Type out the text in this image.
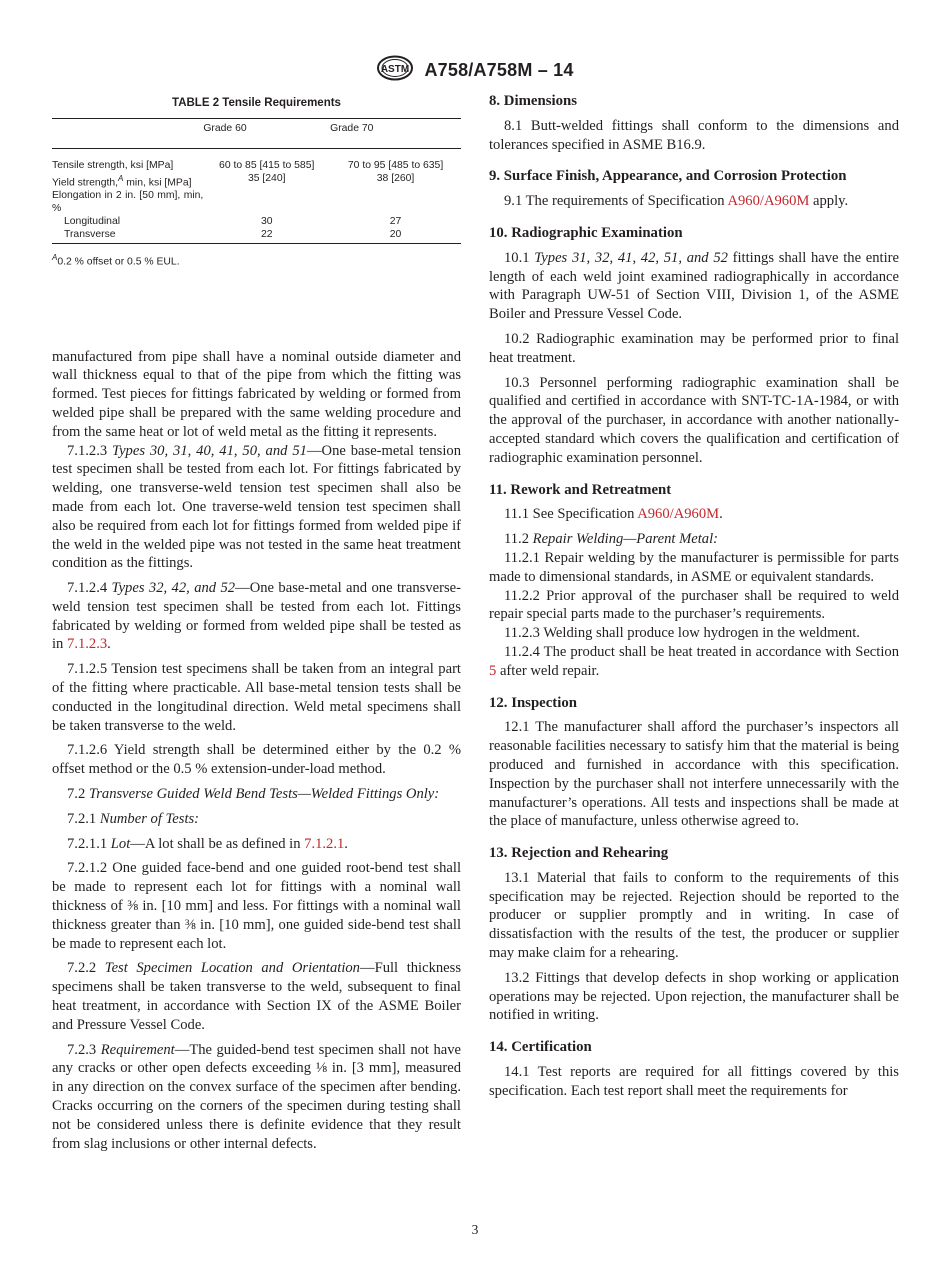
ASTM A758/A758M – 14
TABLE 2 Tensile Requirements
	Grade 60	Grade 70
Tensile strength, ksi [MPa]	60 to 85 [415 to 585]	70 to 95 [485 to 635]
Yield strength,$^A$ min, ksi [MPa]	35 [240]	38 [260]
Elongation in 2 in. [50 mm], min, %		
Longitudinal	30	27
Transverse	22	20
$^A$0.2 % offset or 0.5 % EUL.

manufactured from pipe shall have a nominal outside diameter and wall thickness equal to that of the pipe from which the fitting was formed. Test pieces for fittings fabricated by welding or formed from welded pipe shall be prepared with the same welding procedure and from the same heat or lot of weld metal as the fitting it represents.

7.1.2.3 Types 30, 31, 40, 41, 50, and 51—One base-metal tension test specimen shall be tested from each lot. For fittings fabricated by welding, one transverse-weld tension test specimen shall also be made from each lot. One traverse-weld tension test specimen shall also be required from each lot for fittings formed from welded pipe if the weld in the welded pipe was not tested in the same heat treatment condition as the fittings.

7.1.2.4 Types 32, 42, and 52—One base-metal and one transverse-weld tension test specimen shall be tested from each lot. Fittings fabricated by welding or formed from welded pipe shall be tested as in 7.1.2.3.

7.1.2.5 Tension test specimens shall be taken from an integral part of the fitting where practicable. All base-metal tension tests shall be conducted in the longitudinal direction. Weld metal specimens shall be taken transverse to the weld.

7.1.2.6 Yield strength shall be determined either by the 0.2 % offset method or the 0.5 % extension-under-load method.

7.2 Transverse Guided Weld Bend Tests—Welded Fittings Only:

7.2.1 Number of Tests:

7.2.1.1 Lot—A lot shall be as defined in 7.1.2.1.

7.2.1.2 One guided face-bend and one guided root-bend test shall be made to represent each lot for fittings with a nominal wall thickness of ⅜ in. [10 mm] and less. For fittings with a nominal wall thickness greater than ⅜ in. [10 mm], one guided side-bend test shall be made to represent each lot.

7.2.2 Test Specimen Location and Orientation—Full thickness specimens shall be taken transverse to the weld, subsequent to final heat treatment, in accordance with Section IX of the ASME Boiler and Pressure Vessel Code.

7.2.3 Requirement—The guided-bend test specimen shall not have any cracks or other open defects exceeding ⅛ in. [3 mm], measured in any direction on the convex surface of the specimen after bending. Cracks occurring on the corners of the specimen during testing shall not be considered unless there is definite evidence that they result from slag inclusions or other internal defects.

8. Dimensions

8.1 Butt-welded fittings shall conform to the dimensions and tolerances specified in ASME B16.9.

9. Surface Finish, Appearance, and Corrosion Protection

9.1 The requirements of Specification A960/A960M apply.

10. Radiographic Examination

10.1 Types 31, 32, 41, 42, 51, and 52 fittings shall have the entire length of each weld joint examined radiographically in accordance with Paragraph UW-51 of Section VIII, Division 1, of the ASME Boiler and Pressure Vessel Code.

10.2 Radiographic examination may be performed prior to final heat treatment.

10.3 Personnel performing radiographic examination shall be qualified and certified in accordance with SNT-TC-1A-1984, or with the approval of the purchaser, in accordance with another nationally-accepted standard which covers the qualification and certification of radiographic examination personnel.

11. Rework and Retreatment

11.1 See Specification A960/A960M.

11.2 Repair Welding—Parent Metal:

11.2.1 Repair welding by the manufacturer is permissible for parts made to dimensional standards, in ASME or equivalent standards.

11.2.2 Prior approval of the purchaser shall be required to weld repair special parts made to the purchaser’s requirements.

11.2.3 Welding shall produce low hydrogen in the weldment.

11.2.4 The product shall be heat treated in accordance with Section 5 after weld repair.

12. Inspection

12.1 The manufacturer shall afford the purchaser’s inspectors all reasonable facilities necessary to satisfy him that the material is being produced and furnished in accordance with this specification. Inspection by the purchaser shall not interfere unnecessarily with the manufacturer’s operations. All tests and inspections shall be made at the place of manufacture, unless otherwise agreed to.

13. Rejection and Rehearing

13.1 Material that fails to conform to the requirements of this specification may be rejected. Rejection should be reported to the producer or supplier promptly and in writing. In case of dissatisfaction with the results of the test, the producer or supplier may make claim for a rehearing.

13.2 Fittings that develop defects in shop working or application operations may be rejected. Upon rejection, the manufacturer shall be notified in writing.

14. Certification

14.1 Test reports are required for all fittings covered by this specification. Each test report shall meet the requirements for

3
